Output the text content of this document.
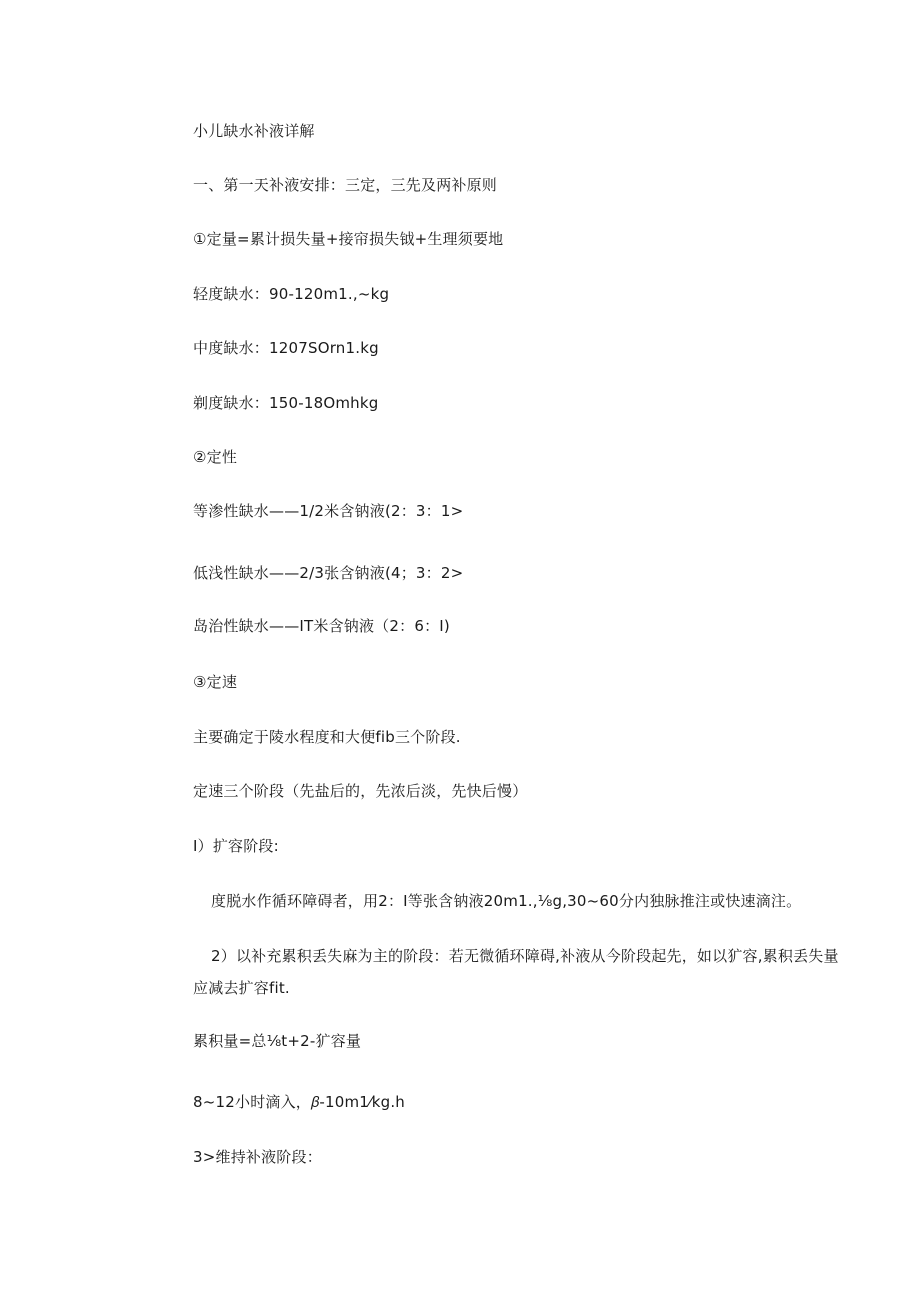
小儿缺水补液详解
一、第一天补液安排：三定，三先及两补原则
①定量=累计损失量+接帘损失钺+生理须要地
轻度缺水：90-120m1.,~kg
中度缺水：1207SOrn1.kg
剃度缺水：150-18Omhkg
②定性
等渗性缺水——1/2米含钠液(2：3：1>
低浅性缺水——2/3张含钠液(4；3：2>
岛治性缺水——IT米含钠液（2：6：I)
③定速
主要确定于陵水程度和大便fib三个阶段.
定速三个阶段（先盐后的，先浓后淡，先快后慢）
I）扩容阶段:
度脱水作循环障碍者，用2：I等张含钠液20m1.,⅛g,30~60分内独脉推注或快速滴注。
2）以补充累积丢失麻为主的阶段：若无微循环障碍,补液从今阶段起先，如以犷容,累积丢失量应减去扩容fit.
累积量=总⅛t+2-犷容量
8~12小时滴入，𝛽-10m1⁄kg.h
3>维持补液阶段：
